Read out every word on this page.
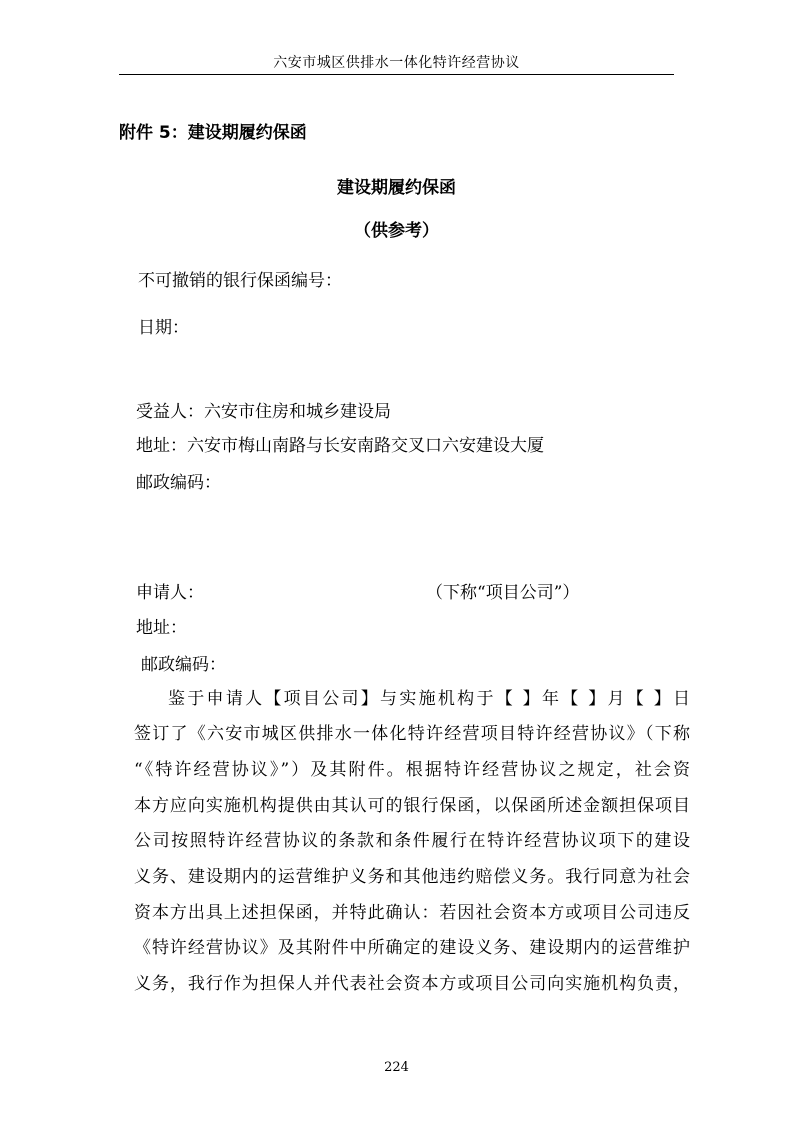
六安市城区供排水一体化特许经营协议
附件 5：建设期履约保函
建设期履约保函
（供参考）
不可撤销的银行保函编号：
日期：
受益人：六安市住房和城乡建设局
地址：六安市梅山南路与长安南路交叉口六安建设大厦
邮政编码：
申请人：	（下称“项目公司”）
地址：
邮政编码：
鉴于申请人【项目公司】与实施机构于【 】年【 】月【 】日
签订了《六安市城区供排水一体化特许经营项目特许经营协议》（下称
“《特许经营协议》”）及其附件。根据特许经营协议之规定，社会资
本方应向实施机构提供由其认可的银行保函，以保函所述金额担保项目
公司按照特许经营协议的条款和条件履行在特许经营协议项下的建设
义务、建设期内的运营维护义务和其他违约赔偿义务。我行同意为社会
资本方出具上述担保函，并特此确认：若因社会资本方或项目公司违反
《特许经营协议》及其附件中所确定的建设义务、建设期内的运营维护
义务，我行作为担保人并代表社会资本方或项目公司向实施机构负责，
224
